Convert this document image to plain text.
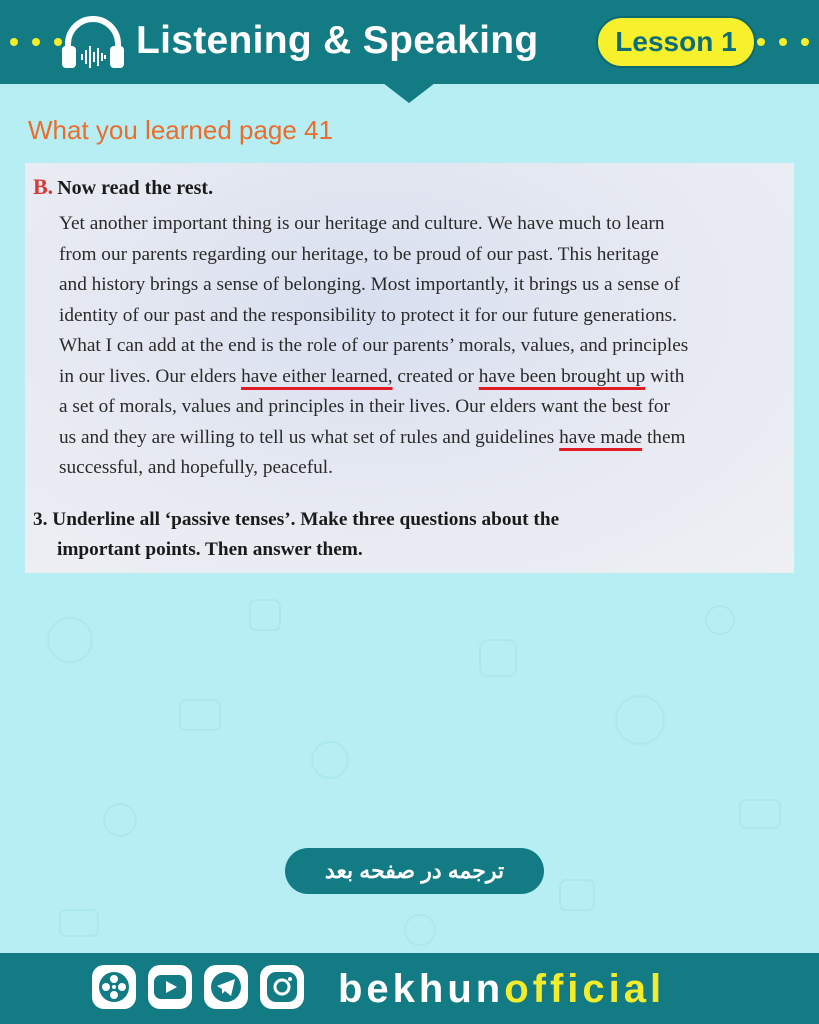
Listening & Speaking	Lesson 1
What you learned page 41
B. Now read the rest.
Yet another important thing is our heritage and culture. We have much to learn
from our parents regarding our heritage, to be proud of our past. This heritage
and history brings a sense of belonging. Most importantly, it brings us a sense of
identity of our past and the responsibility to protect it for our future generations.
What I can add at the end is the role of our parents’ morals, values, and principles
in our lives. Our elders have either learned, created or have been brought up with
a set of morals, values and principles in their lives. Our elders want the best for
us and they are willing to tell us what set of rules and guidelines have made them
successful, and hopefully, peaceful.
3. Underline all ‘passive tenses’. Make three questions about the
important points. Then answer them.
ترجمه در صفحه بعد
bekhunofficial
